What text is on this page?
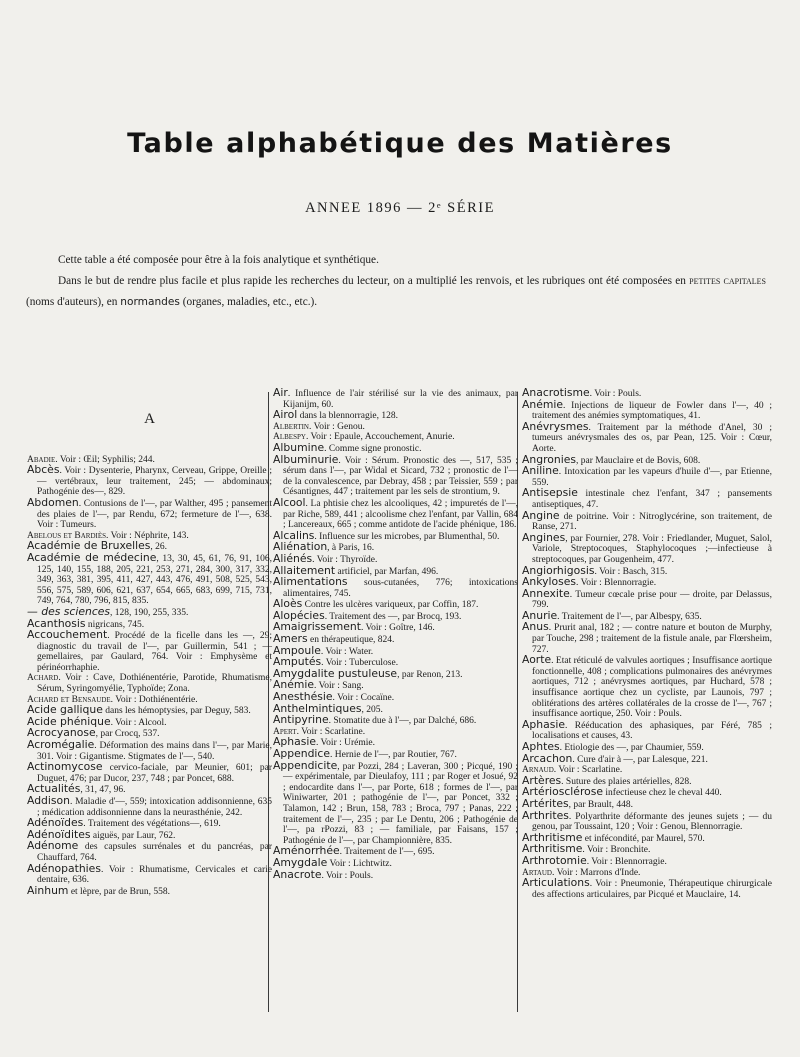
Table alphabétique des Matières
ANNEE 1896 — 2ᵉ SÉRIE

Cette table a été composée pour être à la fois analytique et synthétique.

Dans le but de rendre plus facile et plus rapide les recherches du lecteur, on a multiplié les renvois, et les rubriques ont été composées en petites capitales (noms d'auteurs), en normandes (organes, maladies, etc., etc.).

A

Abadie. Voir : Œil; Syphilis; 244.

Abcès. Voir : Dysenterie, Pharynx, Cerveau, Grippe, Oreille ; — vertébraux, leur traitement, 245; — abdominaux; Pathogénie des—, 829.

Abdomen. Contusions de l'—, par Walther, 495 ; pansement des plaies de l'—, par Rendu, 672; fermeture de l'—, 638. Voir : Tumeurs.

Abelous et Bardiès. Voir : Néphrite, 143.

Académie de Bruxelles, 26.

Académie de médecine, 13, 30, 45, 61, 76, 91, 106, 125, 140, 155, 188, 205, 221, 253, 271, 284, 300, 317, 332, 349, 363, 381, 395, 411, 427, 443, 476, 491, 508, 525, 543, 556, 575, 589, 606, 621, 637, 654, 665, 683, 699, 715, 731, 749, 764, 780, 796, 815, 835.

— des sciences, 128, 190, 255, 335.

Acanthosis nigricans, 745.

Accouchement. Procédé de la ficelle dans les —, 29; diagnostic du travail de l'—, par Guillermin, 541 ; — gemellaires, par Gaulard, 764. Voir : Emphysème et périnéorrhaphie.

Achard. Voir : Cave, Dothiénentérie, Parotide, Rhumatisme, Sérum, Syringomyélie, Typhoïde; Zona.

Achard et Bensaude. Voir : Dothiénentérie.

Acide gallique dans les hémoptysies, par Deguy, 583.

Acide phénique. Voir : Alcool.

Acrocyanose, par Crocq, 537.

Acromégalie. Déformation des mains dans l'—, par Marie, 301. Voir : Gigantisme. Stigmates de l'—, 540.

Actinomycose cervico-faciale, par Meunier, 601; par Duguet, 476; par Ducor, 237, 748 ; par Poncet, 688.

Actualités, 31, 47, 96.

Addison. Maladie d'—, 559; intoxication addisonnienne, 635 ; médication addisonnienne dans la neurasthénie, 242.

Adénoïdes. Traitement des végétations—, 619.

Adénoïdites aiguës, par Laur, 762.

Adénome des capsules surrénales et du pancréas, par Chauffard, 764.

Adénopathies. Voir : Rhumatisme, Cervicales et carie dentaire, 636.

Ainhum et lèpre, par de Brun, 558.

Air. Influence de l'air stérilisé sur la vie des animaux, par Kijanijm, 60.

Airol dans la blennorragie, 128.

Albertin. Voir : Genou.

Albespy. Voir : Epaule, Accouchement, Anurie.

Albumine. Comme signe pronostic.

Albuminurie. Voir : Sérum. Pronostic des —, 517, 535 ; sérum dans l'—, par Widal et Sicard, 732 ; pronostic de l'— de la convalescence, par Debray, 458 ; par Teissier, 559 ; par Césantignes, 447 ; traitement par les sels de strontium, 9.

Alcool. La phtisie chez les alcooliques, 42 ; impuretés de l'—, par Riche, 589, 441 ; alcoolisme chez l'enfant, par Vallin, 684 ; Lancereaux, 665 ; comme antidote de l'acide phénique, 186.

Alcalins. Influence sur les microbes, par Blumenthal, 50.

Aliénation, à Paris, 16.

Aliénés. Voir : Thyroïde.

Allaitement artificiel, par Marfan, 496.

Alimentations sous-cutanées, 776; intoxications alimentaires, 745.

Aloès Contre les ulcères variqueux, par Coffin, 187.

Alopécies. Traitement des —, par Brocq, 193.

Amaigrissement. Voir : Goître, 146.

Amers en thérapeutique, 824.

Ampoule. Voir : Water.

Amputés. Voir : Tuberculose.

Amygdalite pustuleuse, par Renon, 213.

Anémie. Voir : Sang.

Anesthésie. Voir : Cocaïne.

Anthelmintiques, 205.

Antipyrine. Stomatite due à l'—, par Dalché, 686.

Apert. Voir : Scarlatine.

Aphasie. Voir : Urémie.

Appendice. Hernie de l'—, par Routier, 767.

Appendicite, par Pozzi, 284 ; Laveran, 300 ; Picqué, 190 ; — expérimentale, par Dieulafoy, 111 ; par Roger et Josué, 92 ; endocardite dans l'—, par Porte, 618 ; formes de l'—, par Winiwarter, 201 ; pathogénie de l'—, par Poncet, 332 ; Talamon, 142 ; Brun, 158, 783 ; Broca, 797 ; Panas, 222 ; traitement de l'—, 235 ; par Le Dentu, 206 ; Pathogénie de l'—, pa rPozzi, 83 ; — familiale, par Faisans, 157 ; Pathogénie de l'—, par Championnière, 835.

Aménorrhée. Traitement de l'—, 695.

Amygdale Voir : Lichtwitz.

Anacrote. Voir : Pouls.

Anacrotisme. Voir : Pouls.

Anémie. Injections de liqueur de Fowler dans l'—, 40 ; traitement des anémies symptomatiques, 41.

Anévrysmes. Traitement par la méthode d'Anel, 30 ; tumeurs anévrysmales des os, par Pean, 125. Voir : Cœur, Aorte.

Angronies, par Mauclaire et de Bovis, 608.

Aniline. Intoxication par les vapeurs d'huile d'—, par Etienne, 559.

Antisepsie intestinale chez l'enfant, 347 ; pansements antiseptiques, 47.

Angine de poitrine. Voir : Nitroglycérine, son traitement, de Ranse, 271.

Angines, par Fournier, 278. Voir : Friedlander, Muguet, Salol, Variole, Streptocoques, Staphylocoques ;—infectieuse à streptocoques, par Gougenheim, 477.

Angiorhigosis. Voir : Basch, 315.

Ankyloses. Voir : Blennorragie.

Annexite. Tumeur cœcale prise pour — droite, par Delassus, 799.

Anurie. Traitement de l'—, par Albespy, 635.

Anus. Prurit anal, 182 ; — contre nature et bouton de Murphy, par Touche, 298 ; traitement de la fistule anale, par Flœrsheim, 727.

Aorte. Etat réticulé de valvules aortiques ; Insuffisance aortique fonctionnelle, 408 ; complications pulmonaires des anévrymes aortiques, 712 ; anévrysmes aortiques, par Huchard, 578 ; insuffisance aortique chez un cycliste, par Launois, 797 ; oblitérations des artères collatérales de la crosse de l'—, 767 ; insuffisance aortique, 250. Voir : Pouls.

Aphasie. Rééducation des aphasiques, par Féré, 785 ; localisations et causes, 43.

Aphtes. Etiologie des —, par Chaumier, 559.

Arcachon. Cure d'air à —, par Lalesque, 221.

Arnaud. Voir : Scarlatine.

Artères. Suture des plaies artérielles, 828.

Artériosclérose infectieuse chez le cheval 440.

Artérites, par Brault, 448.

Arthrites. Polyarthrite déformante des jeunes sujets ; — du genou, par Toussaint, 120 ; Voir : Genou, Blennorragie.

Arthritisme et infécondité, par Maurel, 570.

Arthritisme. Voir : Bronchite.

Arthrotomie. Voir : Blennorragie.

Artaud. Voir : Marrons d'Inde.

Articulations. Voir : Pneumonie, Thérapeutique chirurgicale des affections articulaires, par Picqué et Mauclaire, 14.
